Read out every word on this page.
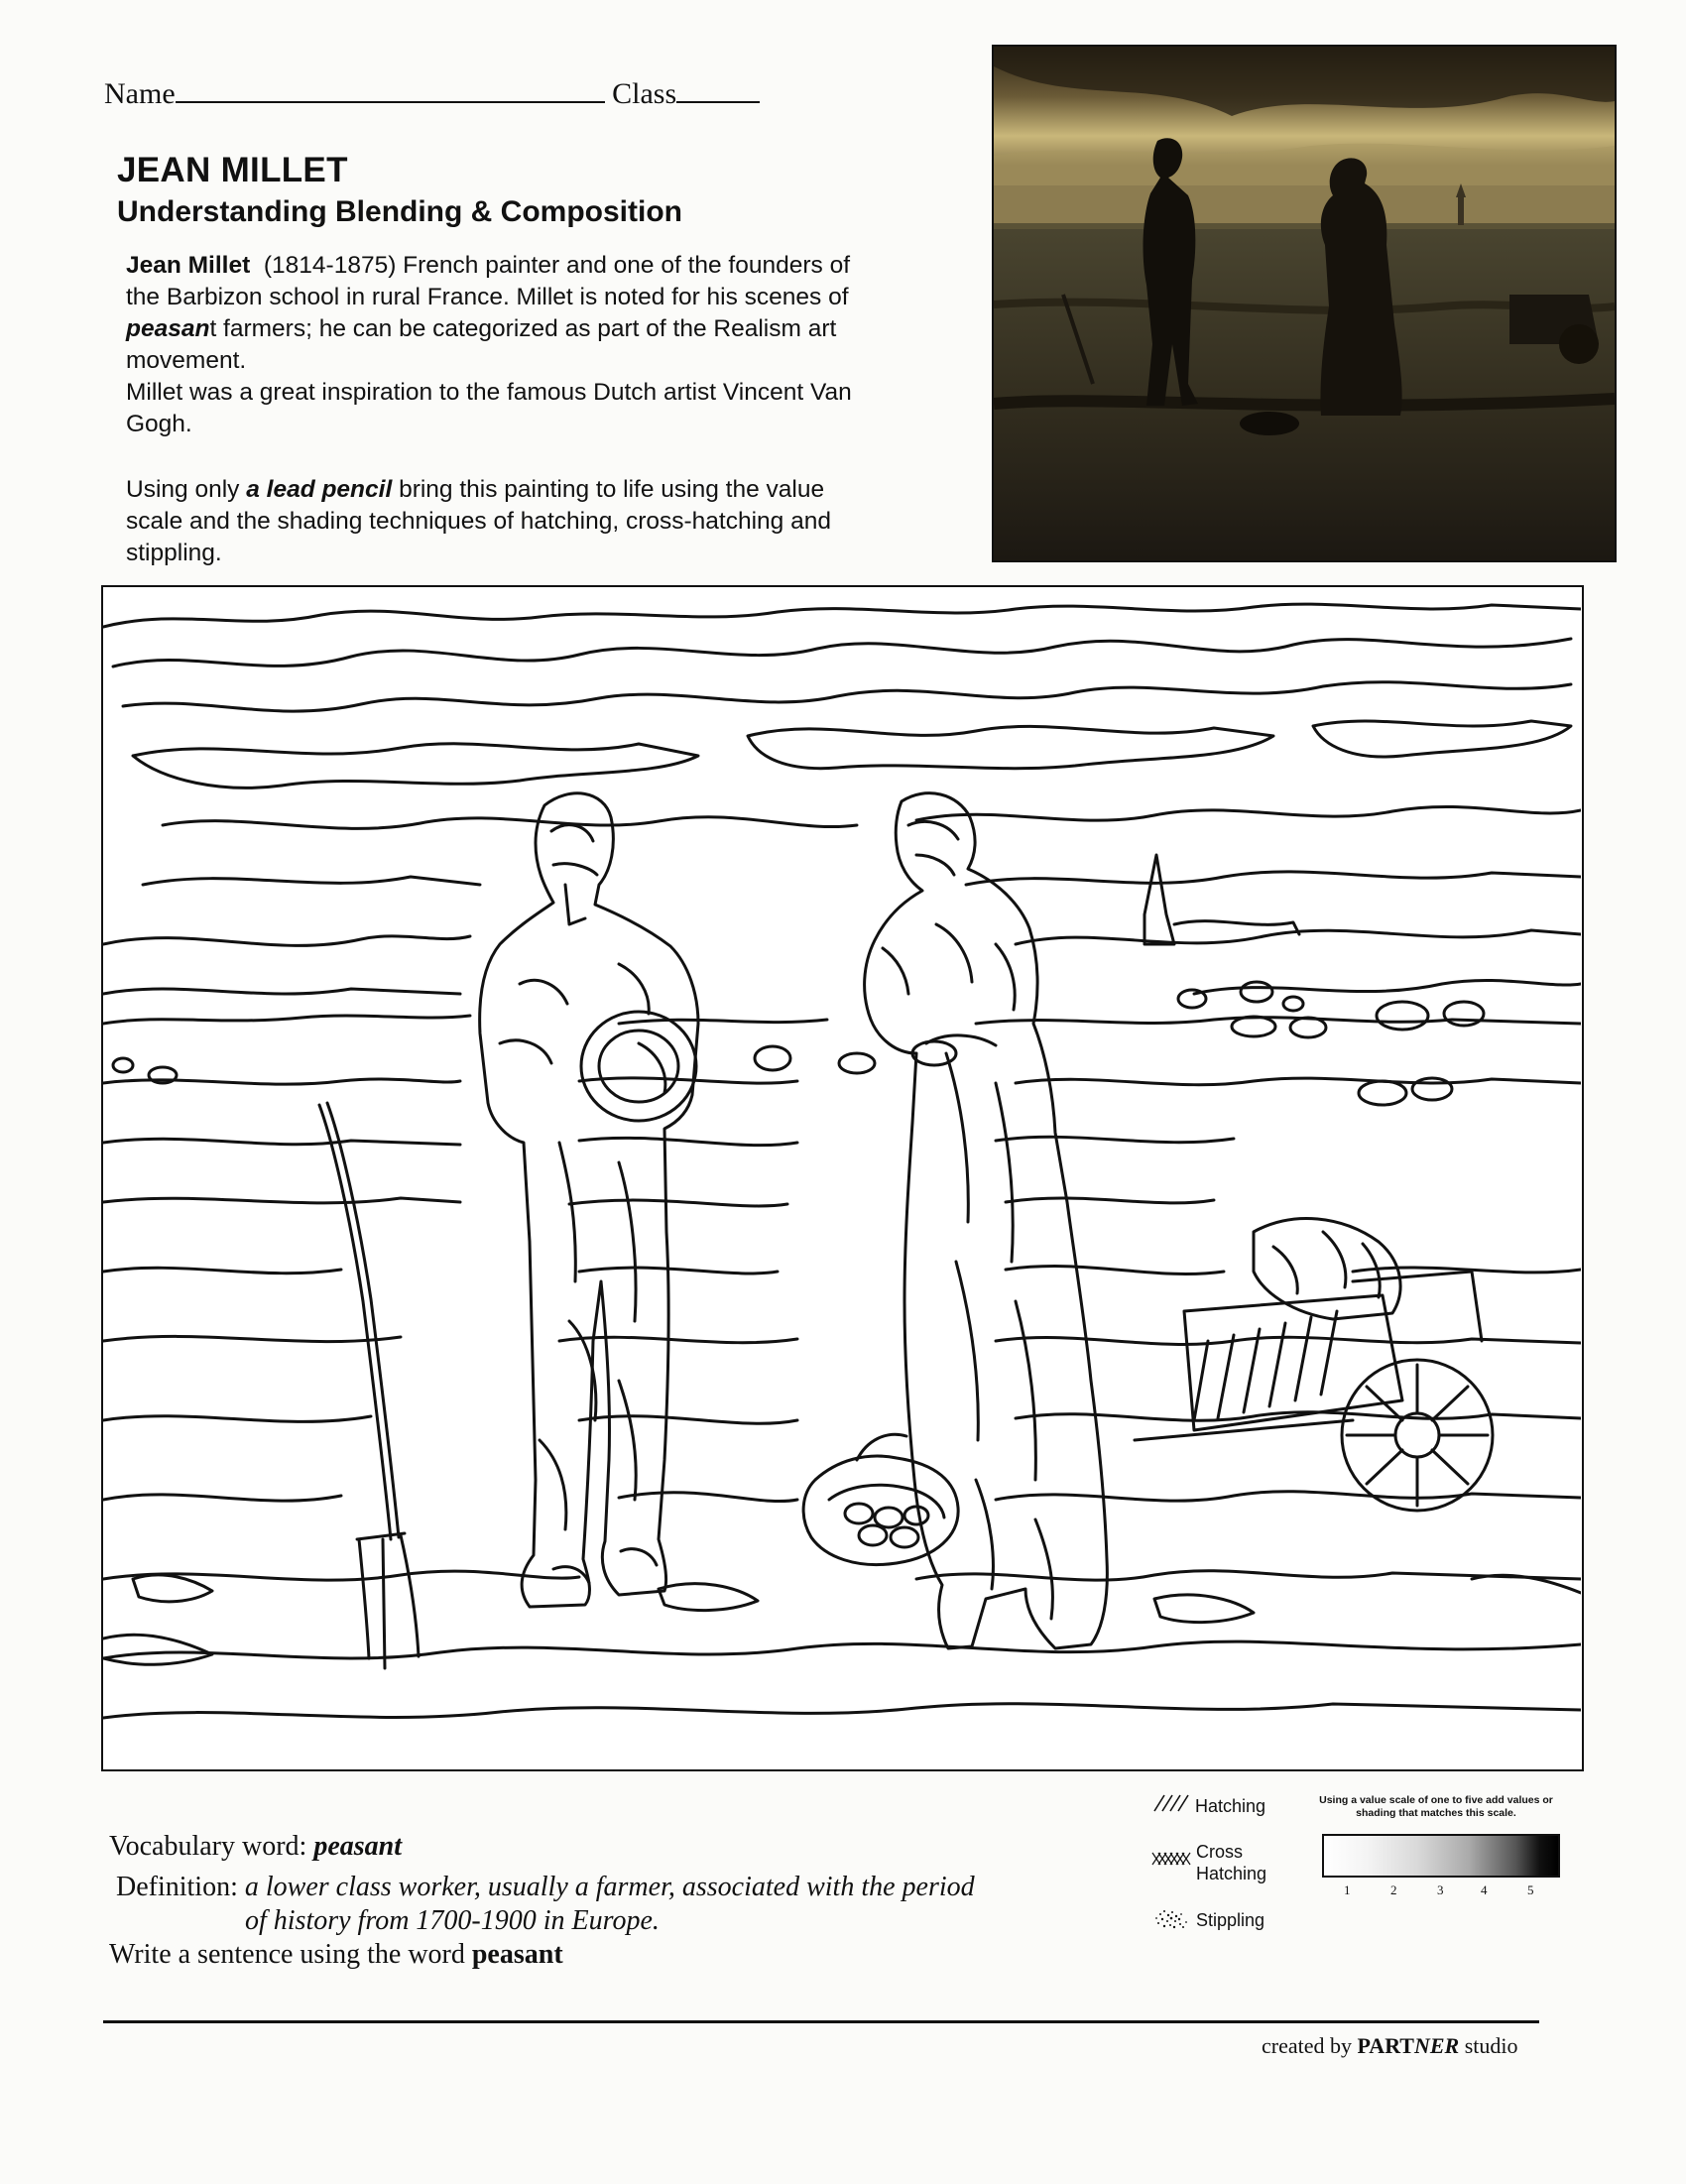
Name	Class
JEAN MILLET
Understanding Blending & Composition

Jean Millet (1814-1875) French painter and one of the founders of the Barbizon school in rural France. Millet is noted for his scenes of peasant farmers; he can be categorized as part of the Realism art movement.
Millet was a great inspiration to the famous Dutch artist Vincent Van Gogh.

Using only a lead pencil bring this painting to life using the value scale and the shading techniques of hatching, cross-hatching and stippling.

Vocabulary word: peasant
Definition: a lower class worker, usually a farmer, associated with the period
of history from 1700-1900 in Europe.
Write a sentence using the word peasant
Hatching
Cross
Hatching
Stippling
Using a value scale of one to five add values or shading that matches this scale.
1	2	3	4	5
created by PARTNER studio
